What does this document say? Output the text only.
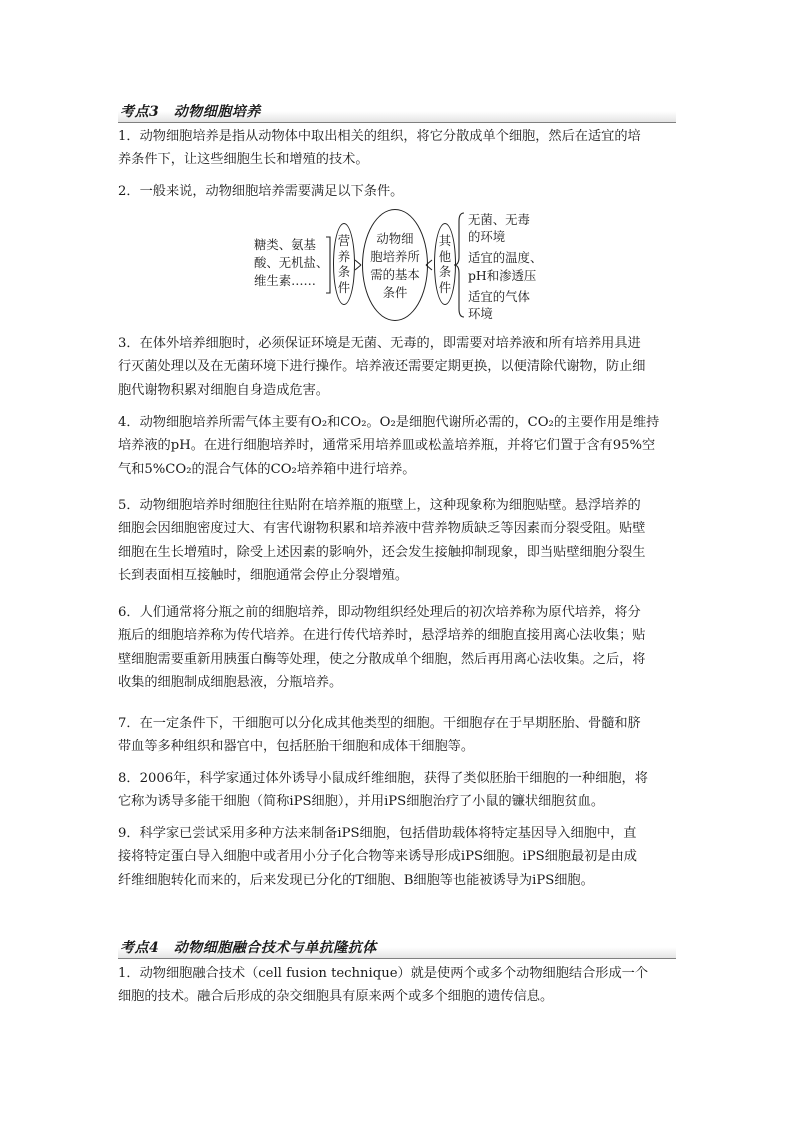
考点3　动物细胞培养

1．动物细胞培养是指从动物体中取出相关的组织，将它分散成单个细胞，然后在适宜的培
养条件下，让这些细胞生长和增殖的技术。

2．一般来说，动物细胞培养需要满足以下条件。

糖类、氨基
酸、无机盐、
维生素……
营
养
条
件
动物细
胞培养所
需的基本
条件
其
他
条
件
无菌、无毒
的环境
适宜的温度、
pH和渗透压
适宜的气体
环境

3．在体外培养细胞时，必须保证环境是无菌、无毒的，即需要对培养液和所有培养用具进
行灭菌处理以及在无菌环境下进行操作。培养液还需要定期更换，以便清除代谢物，防止细
胞代谢物积累对细胞自身造成危害。

4．动物细胞培养所需气体主要有O₂和CO₂。O₂是细胞代谢所必需的，CO₂的主要作用是维持
培养液的pH。在进行细胞培养时，通常采用培养皿或松盖培养瓶，并将它们置于含有95%空
气和5%CO₂的混合气体的CO₂培养箱中进行培养。

5．动物细胞培养时细胞往往贴附在培养瓶的瓶壁上，这种现象称为细胞贴壁。悬浮培养的
细胞会因细胞密度过大、有害代谢物积累和培养液中营养物质缺乏等因素而分裂受阻。贴壁
细胞在生长增殖时，除受上述因素的影响外，还会发生接触抑制现象，即当贴壁细胞分裂生
长到表面相互接触时，细胞通常会停止分裂增殖。

6．人们通常将分瓶之前的细胞培养，即动物组织经处理后的初次培养称为原代培养，将分
瓶后的细胞培养称为传代培养。在进行传代培养时，悬浮培养的细胞直接用离心法收集；贴
壁细胞需要重新用胰蛋白酶等处理，使之分散成单个细胞，然后再用离心法收集。之后，将
收集的细胞制成细胞悬液，分瓶培养。

7．在一定条件下，干细胞可以分化成其他类型的细胞。干细胞存在于早期胚胎、骨髓和脐
带血等多种组织和器官中，包括胚胎干细胞和成体干细胞等。

8．2006年，科学家通过体外诱导小鼠成纤维细胞，获得了类似胚胎干细胞的一种细胞，将
它称为诱导多能干细胞（简称iPS细胞），并用iPS细胞治疗了小鼠的镰状细胞贫血。

9．科学家已尝试采用多种方法来制备iPS细胞，包括借助载体将特定基因导入细胞中，直
接将特定蛋白导入细胞中或者用小分子化合物等来诱导形成iPS细胞。iPS细胞最初是由成
纤维细胞转化而来的，后来发现已分化的T细胞、B细胞等也能被诱导为iPS细胞。

考点4　动物细胞融合技术与单抗隆抗体

1．动物细胞融合技术（cell fusion technique）就是使两个或多个动物细胞结合形成一个
细胞的技术。融合后形成的杂交细胞具有原来两个或多个细胞的遗传信息。
